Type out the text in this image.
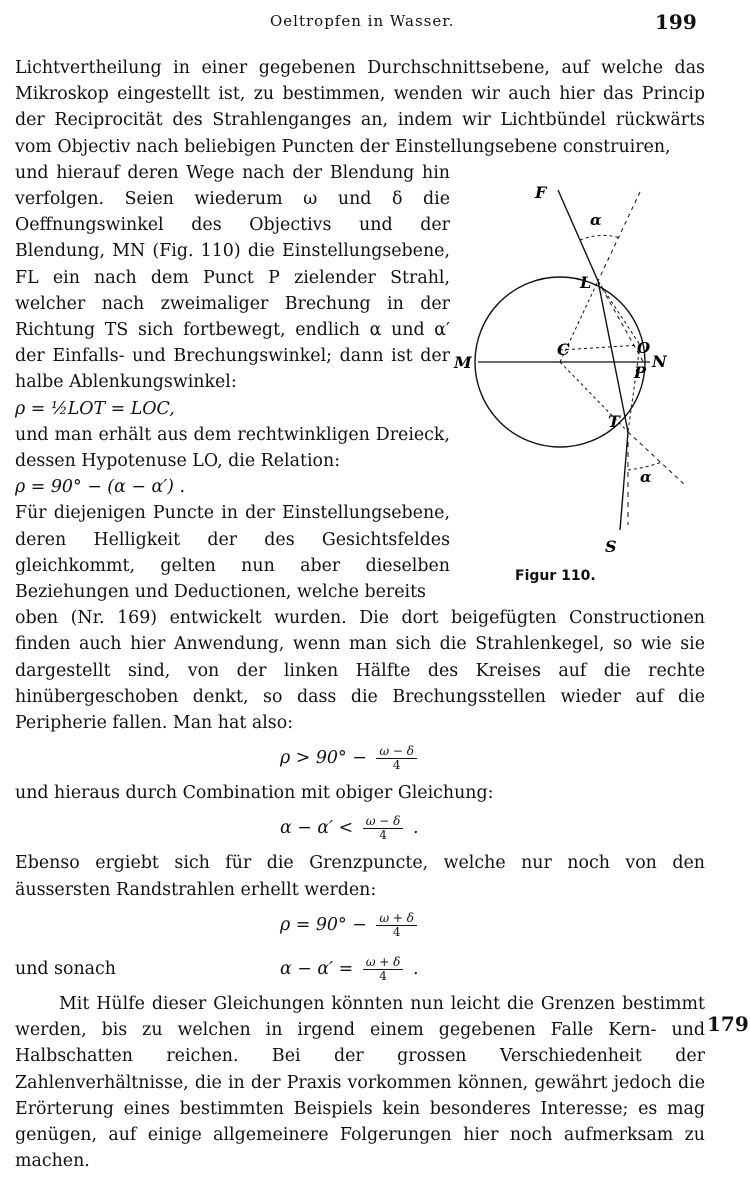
Oeltropfen in Wasser.	199

Lichtvertheilung in einer gegebenen Durchschnittsebene, auf welche das Mikroskop eingestellt ist, zu bestimmen, wenden wir auch hier das Princip der Reciprocität des Strahlenganges an, indem wir Lichtbündel rückwärts vom Objectiv nach beliebigen Puncten der Einstellungsebene construiren,

und hierauf deren Wege nach der Blendung hin verfolgen. Seien wiederum ω und δ die Oeffnungswinkel des Objectivs und der Blendung, MN (Fig. 110) die Einstellungsebene, FL ein nach dem Punct P zielender Strahl, welcher nach zweimaliger Brechung in der Richtung TS sich fortbewegt, endlich α und α′ der Einfalls- und Brechungswinkel; dann ist der halbe Ablenkungswinkel:

ρ = ½LOT = LOC,

und man erhält aus dem rechtwinkligen Dreieck, dessen Hypotenuse LO, die Relation:

ρ = 90° − (α − α′) .

Für diejenigen Puncte in der Einstellungsebene, deren Helligkeit der des Gesichtsfeldes gleichkommt, gelten nun aber dieselben Beziehungen und Deductionen, welche bereits

oben (Nr. 169) entwickelt wurden. Die dort beigefügten Constructionen finden auch hier Anwendung, wenn man sich die Strahlenkegel, so wie sie dargestellt sind, von der linken Hälfte des Kreises auf die rechte hinübergeschoben denkt, so dass die Brechungsstellen wieder auf die Peripherie fallen. Man hat also:

$\rho > 90^\circ - \frac{\omega - \delta}{4}$

und hieraus durch Combination mit obiger Gleichung:

$\alpha - \alpha' < \frac{\omega - \delta}{4}$ .

Ebenso ergiebt sich für die Grenzpuncte, welche nur noch von den äussersten Randstrahlen erhellt werden:

$\rho = 90^\circ - \frac{\omega + \delta}{4}$
und sonach	$\alpha - \alpha' = \frac{\omega + \delta}{4}$ .

Mit Hülfe dieser Gleichungen könnten nun leicht die Grenzen bestimmt werden, bis zu welchen in irgend einem gegebenen Falle Kern- und Halbschatten reichen. Bei der grossen Verschiedenheit der Zahlenverhältnisse, die in der Praxis vorkommen können, gewährt jedoch die Erörterung eines bestimmten Beispiels kein besonderes Interesse; es mag genügen, auf einige allgemeinere Folgerungen hier noch aufmerksam zu machen.

179
F
α
L
C	O
M	N
P
T
α
S
Figur 110.
